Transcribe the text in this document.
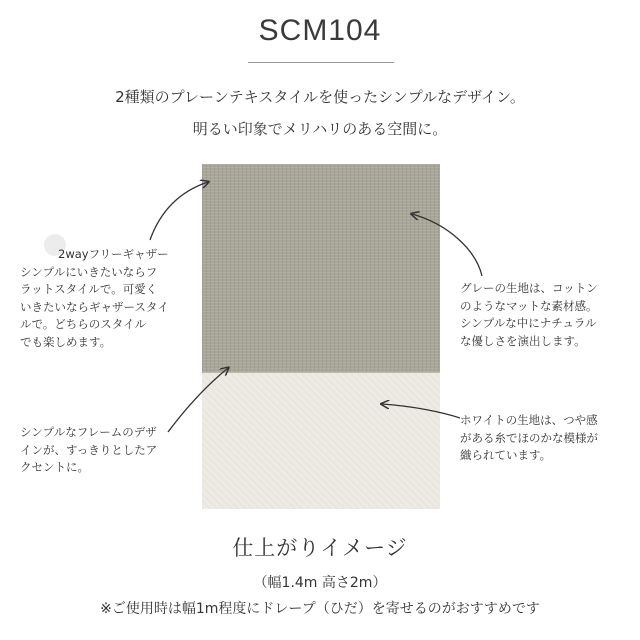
SCM104
2種類のプレーンテキスタイルを使ったシンプルなデザイン。
明るい印象でメリハリのある空間に。
2wayフリーギャザー
シンプルにいきたいならフ
ラットスタイルで。可愛く
いきたいならギャザースタイ
ルで。どちらのスタイル
でも楽しめます。
シンプルなフレームのデザ
インが、すっきりとしたア
クセントに。
グレーの生地は、コットン
のようなマットな素材感。
シンプルな中にナチュラル
な優しさを演出します。
ホワイトの生地は、つや感
がある糸でほのかな模様が
織られています。
仕上がりイメージ
（幅1.4m 高さ2m）
※ご使用時は幅1m程度にドレープ（ひだ）を寄せるのがおすすめです
